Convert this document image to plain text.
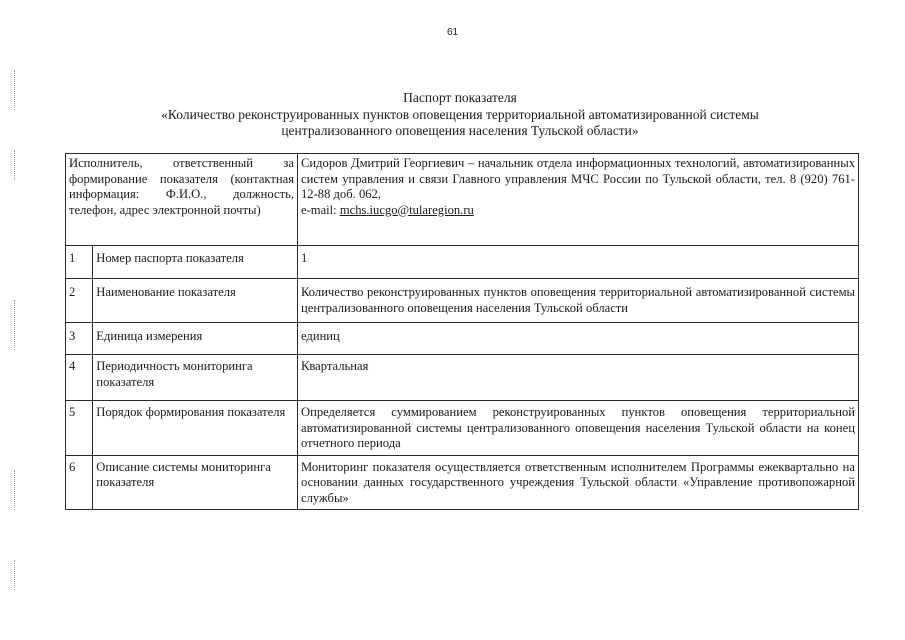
61
Паспорт показателя
«Количество реконструированных пунктов оповещения территориальной автоматизированной системы
централизованного оповещения населения Тульской области»
Исполнитель, ответственный за формирование показателя (контактная информация: Ф.И.О., должность, телефон, адрес электронной почты)		Сидоров Дмитрий Георгиевич – начальник отдела информационных технологий, автоматизированных систем управления и связи Главного управления МЧС России по Тульской области, тел. 8 (920) 761-12-88 доб. 062,
e-mail: mchs.iucgo@tularegion.ru
1	Номер паспорта показателя	1
2	Наименование показателя	Количество реконструированных пунктов оповещения территориальной автоматизированной системы централизованного оповещения населения Тульской области
3	Единица измерения	единиц
4	Периодичность мониторинга показателя	Квартальная
5	Порядок формирования показателя	Определяется суммированием реконструированных пунктов оповещения территориальной автоматизированной системы централизованного оповещения населения Тульской области на конец отчетного периода
6	Описание системы мониторинга показателя	Мониторинг показателя осуществляется ответственным исполнителем Программы ежеквартально на основании данных государственного учреждения Тульской области «Управление противопожарной службы»
